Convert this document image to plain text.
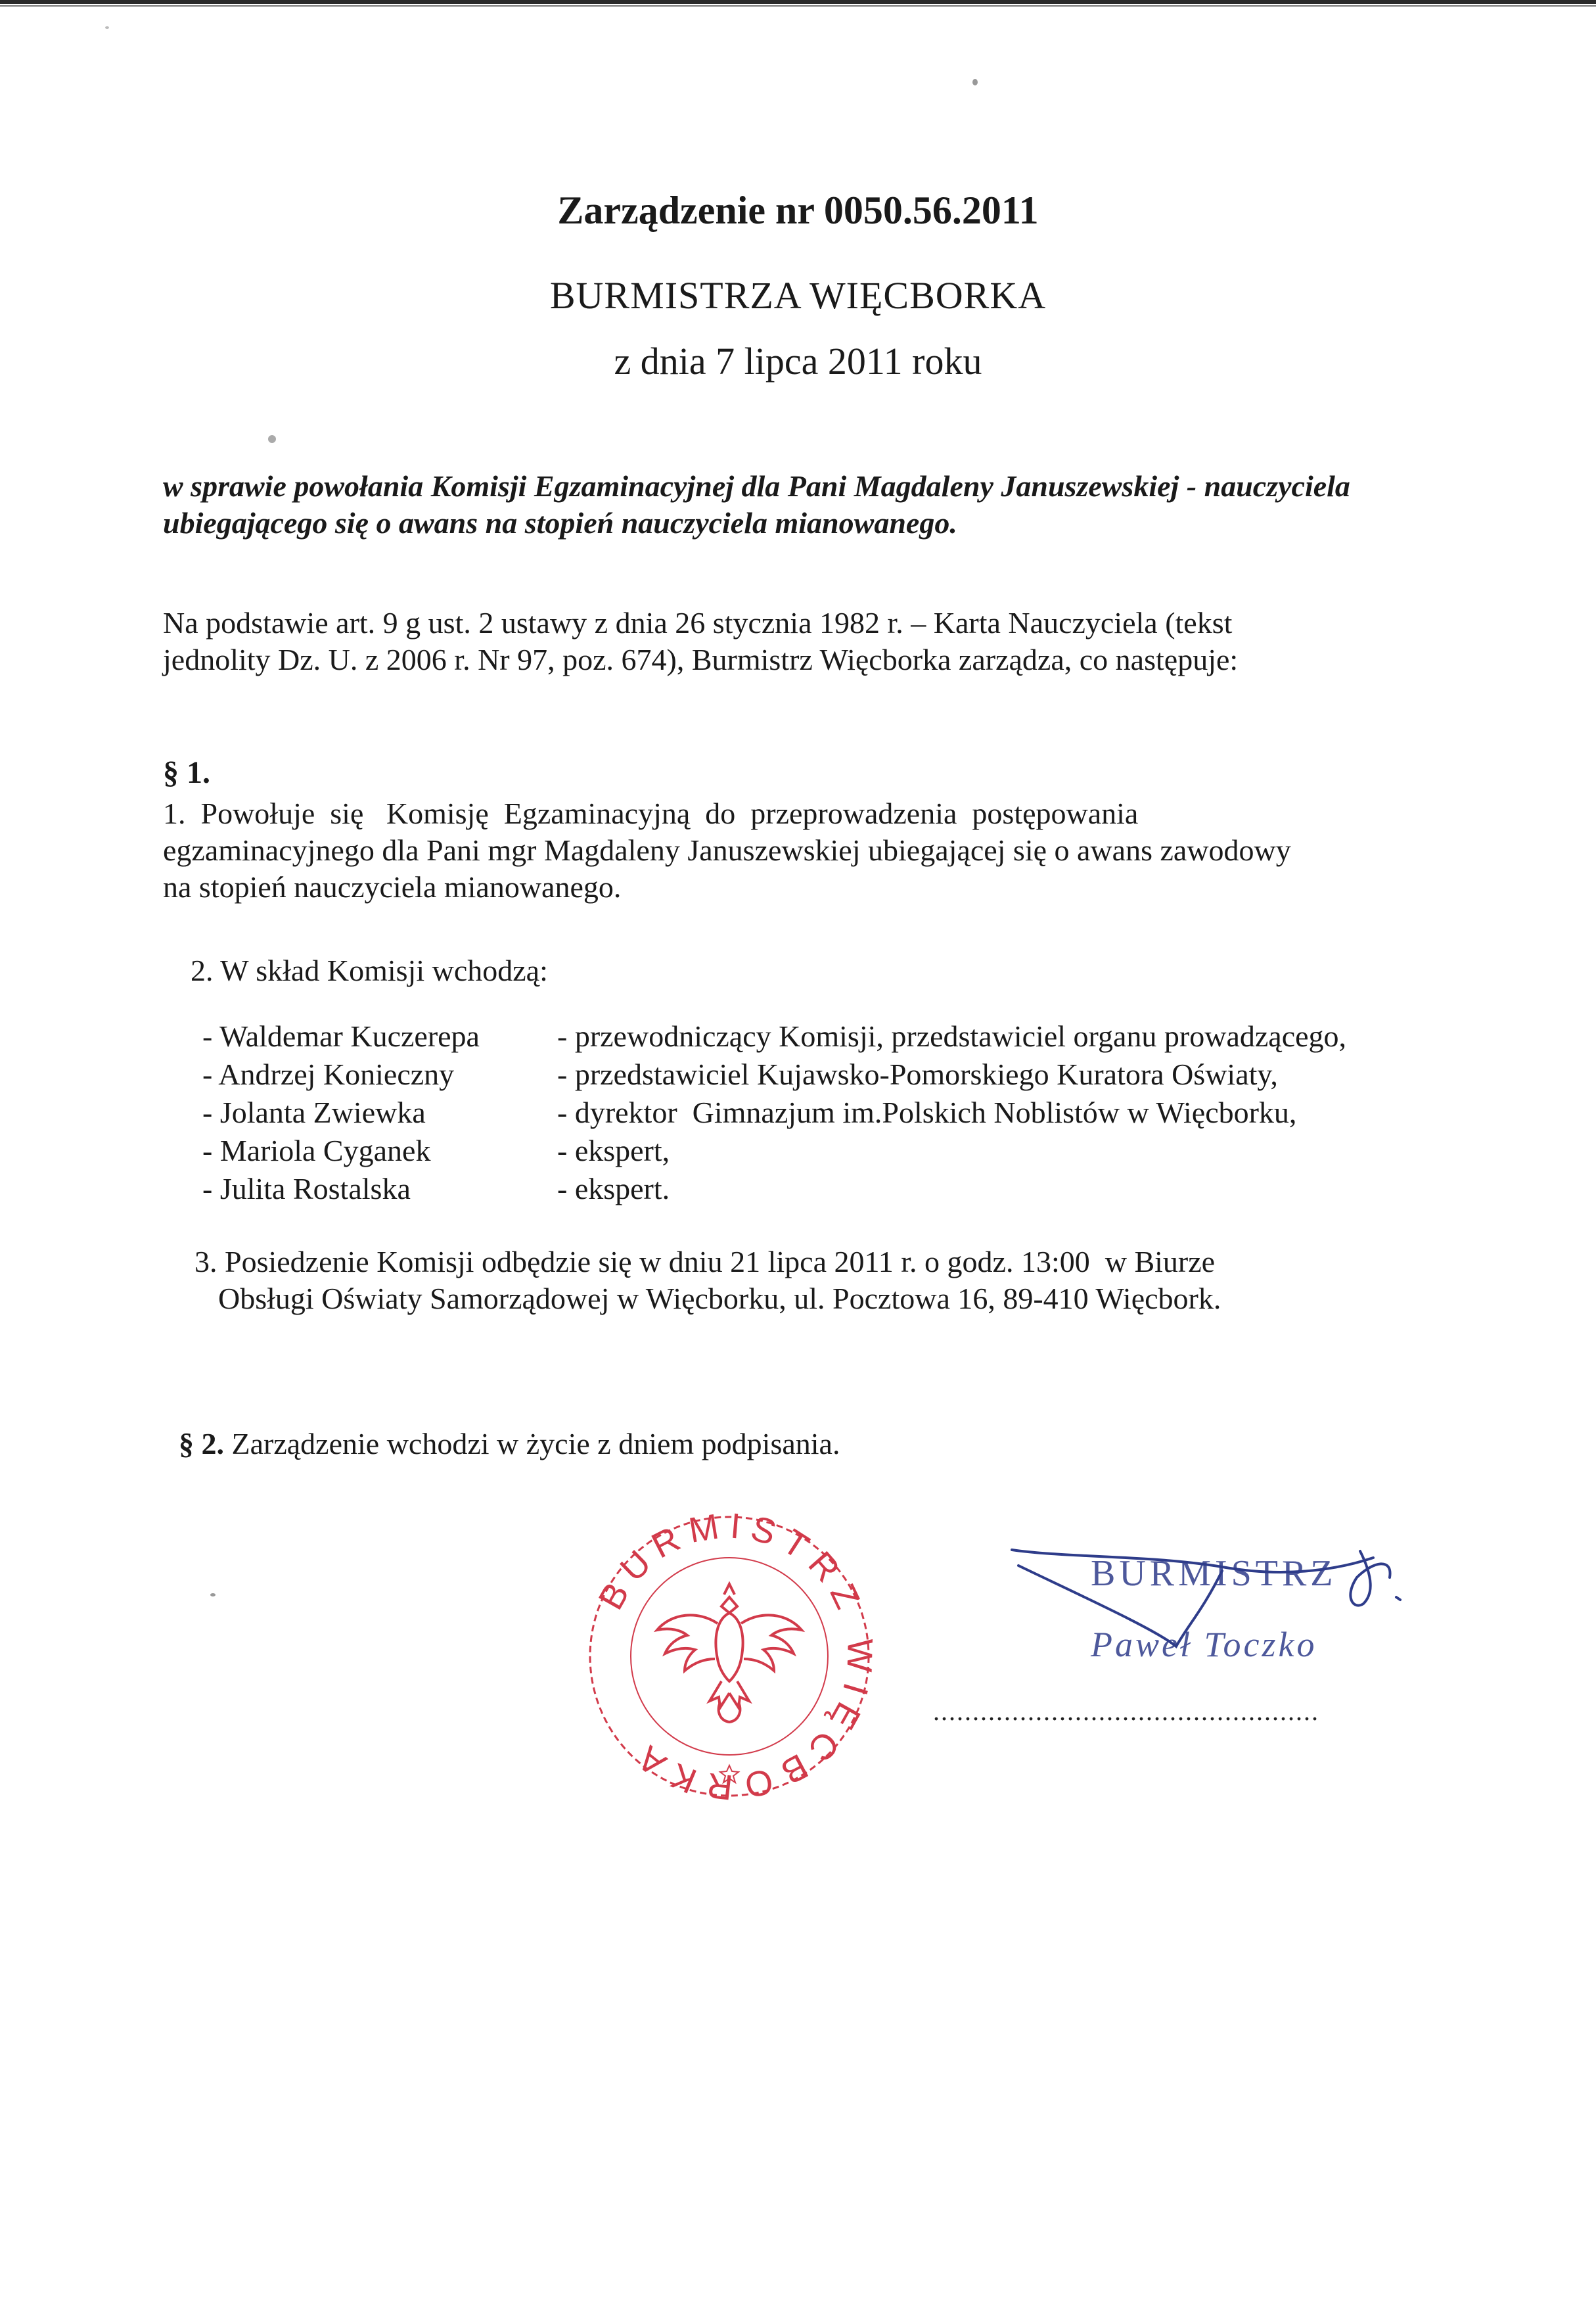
Zarządzenie nr 0050.56.2011
BURMISTRZA WIĘCBORKA
z dnia 7 lipca 2011 roku
w sprawie powołania Komisji Egzaminacyjnej dla Pani Magdaleny Januszewskiej - nauczyciela
ubiegającego się o awans na stopień nauczyciela mianowanego.
Na podstawie art. 9 g ust. 2 ustawy z dnia 26 stycznia 1982 r. – Karta Nauczyciela (tekst
jednolity Dz. U. z 2006 r. Nr 97, poz. 674), Burmistrz Więcborka zarządza, co następuje:
§ 1.
1.  Powołuje  się   Komisję  Egzaminacyjną  do  przeprowadzenia  postępowania
egzaminacyjnego dla Pani mgr Magdaleny Januszewskiej ubiegającej się o awans zawodowy
na stopień nauczyciela mianowanego.
2. W skład Komisji wchodzą:
- Waldemar Kuczerepa	- przewodniczący Komisji, przedstawiciel organu prowadzącego,
- Andrzej Konieczny	- przedstawiciel Kujawsko-Pomorskiego Kuratora Oświaty,
- Jolanta Zwiewka	- dyrektor  Gimnazjum im.Polskich Noblistów w Więcborku,
- Mariola Cyganek	- ekspert,
- Julita Rostalska	- ekspert.
3. Posiedzenie Komisji odbędzie się w dniu 21 lipca 2011 r. o godz. 13:00  w Biurze
Obsługi Oświaty Samorządowej w Więcborku, ul. Pocztowa 16, 89-410 Więcbork.
§ 2. Zarządzenie wchodzi w życie z dniem podpisania.
BURMISTRZ WIĘCBORKA
BURMISTRZ
Paweł Toczko
.................................................
